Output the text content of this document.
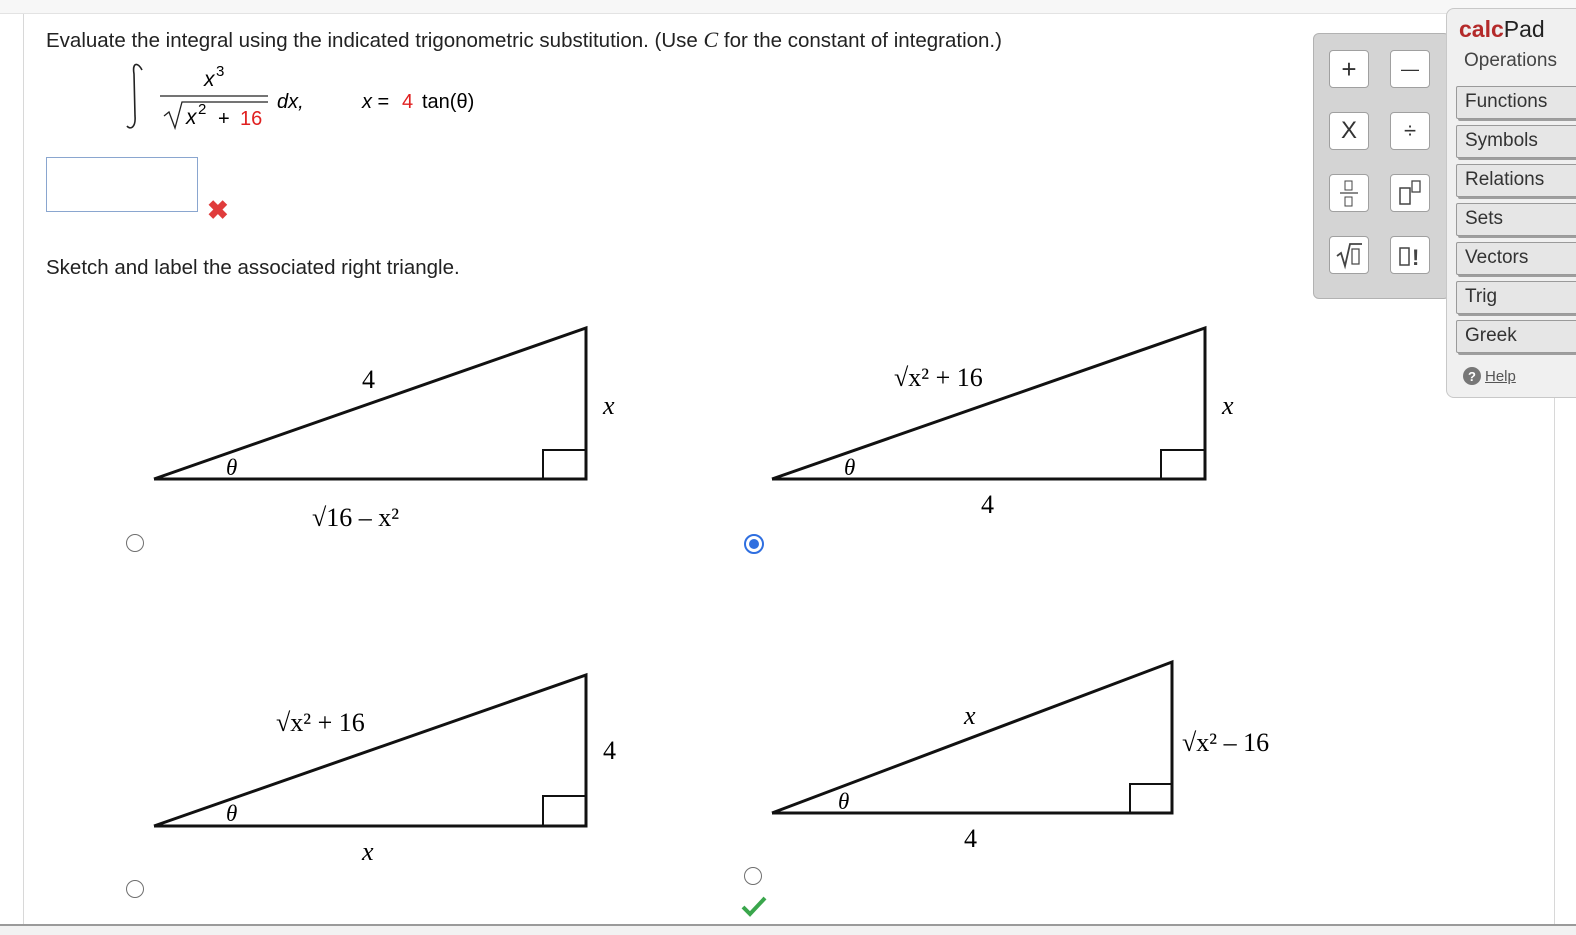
Evaluate the integral using the indicated trigonometric substitution. (Use C for the constant of integration.)
x 3
x 2 + 16
dx,	x = 4 tan(θ)
✖
Sketch and label the associated right triangle.
4
x
θ
√16 – x²
√x² + 16
x
θ
4
√x² + 16
4
θ
x
x
√x² – 16
θ
4
+ —
X ÷
!
calcPad
Operations
Functions
Symbols
Relations
Sets
Vectors
Trig
Greek
? Help
